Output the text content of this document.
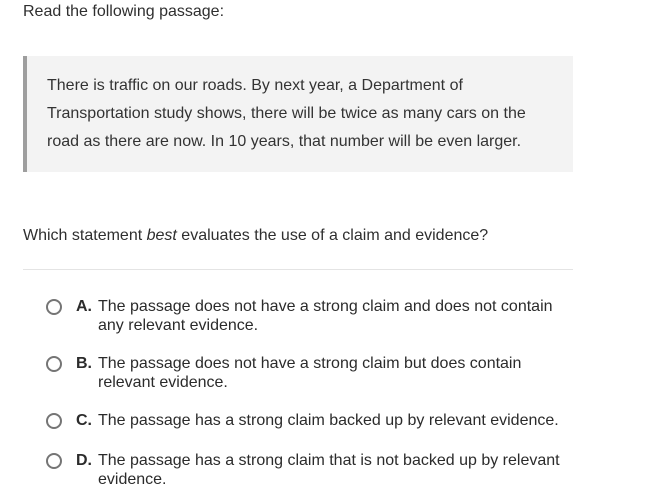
Read the following passage:
There is traffic on our roads. By next year, a Department of Transportation study shows, there will be twice as many cars on the road as there are now. In 10 years, that number will be even larger.
Which statement best evaluates the use of a claim and evidence?
A. The passage does not have a strong claim and does not contain any relevant evidence.
B. The passage does not have a strong claim but does contain relevant evidence.
C. The passage has a strong claim backed up by relevant evidence.
D. The passage has a strong claim that is not backed up by relevant evidence.
